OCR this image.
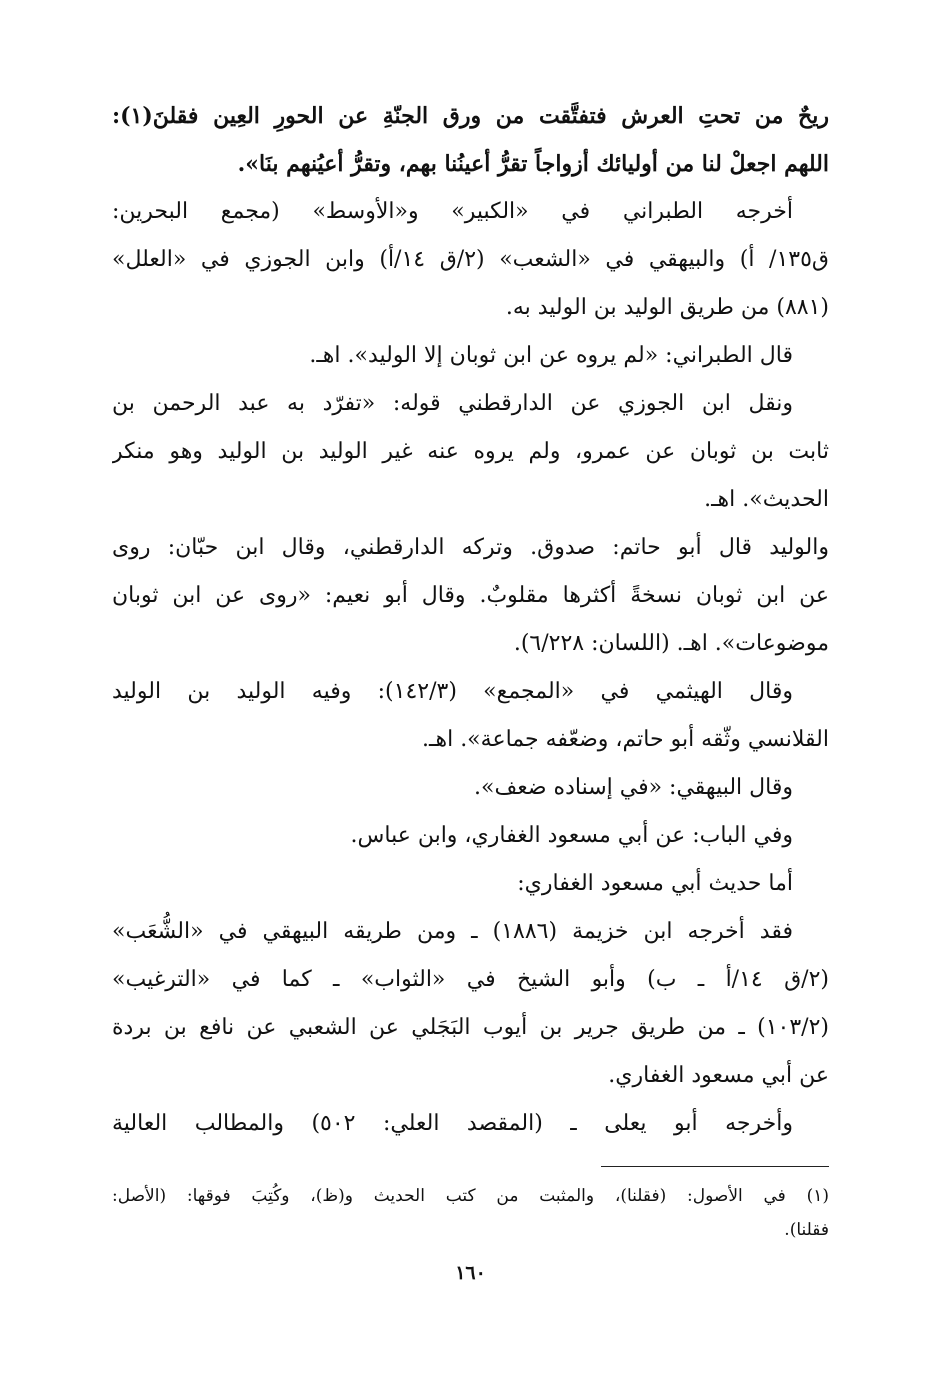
ريحٌ من تحتِ العرش فتفتَّقت من ورق الجنّةِ عن الحورِ العِين فقلنَ(١):
اللهم اجعلْ لنا من أوليائك أزواجاً تقرُّ أعينُنا بهم، وتقرُّ أعيُنهم بنَا».
أخرجه الطبراني في «الكبير» و«الأوسط» (مجمع البحرين:
ق١٣٥/ أ) والبيهقي في «الشعب» (٢/ق ١٤/أ) وابن الجوزي في «العلل»
(٨٨١) من طريق الوليد بن الوليد به.
قال الطبراني: «لم يروه عن ابن ثوبان إلا الوليد». اهـ.
ونقل ابن الجوزي عن الدارقطني قوله: «تفرّد به عبد الرحمن بن
ثابت بن ثوبان عن عمرو، ولم يروه عنه غير الوليد بن الوليد وهو منكر
الحديث». اهـ.
والوليد قال أبو حاتم: صدوق. وتركه الدارقطني، وقال ابن حبّان: روى
عن ابن ثوبان نسخةً أكثرها مقلوبٌ. وقال أبو نعيم: «روى عن ابن ثوبان
موضوعات». اهـ. (اللسان: ٦/٢٢٨).
وقال الهيثمي في «المجمع» (١٤٢/٣): وفيه الوليد بن الوليد
القلانسي وثّقه أبو حاتم، وضعّفه جماعة». اهـ.
وقال البيهقي: «في إسناده ضعف».
وفي الباب: عن أبي مسعود الغفاري، وابن عباس.
أما حديث أبي مسعود الغفاري:
فقد أخرجه ابن خزيمة (١٨٨٦) ـ ومن طريقه البيهقي في «الشُّعَب»
(٢/ق ١٤/أ ـ ب) وأبو الشيخ في «الثواب» ـ كما في «الترغيب»
(١٠٣/٢) ـ من طريق جرير بن أيوب البَجَلي عن الشعبي عن نافع بن بردة
عن أبي مسعود الغفاري.
وأخرجه أبو يعلى ـ (المقصد العلي: ٥٠٢) والمطالب العالية
(١) في الأصول: (فقلنا)، والمثبت من كتب الحديث و(ظ)، وكُتِبَ فوقها: (الأصل:
فقلنا).
١٦٠
